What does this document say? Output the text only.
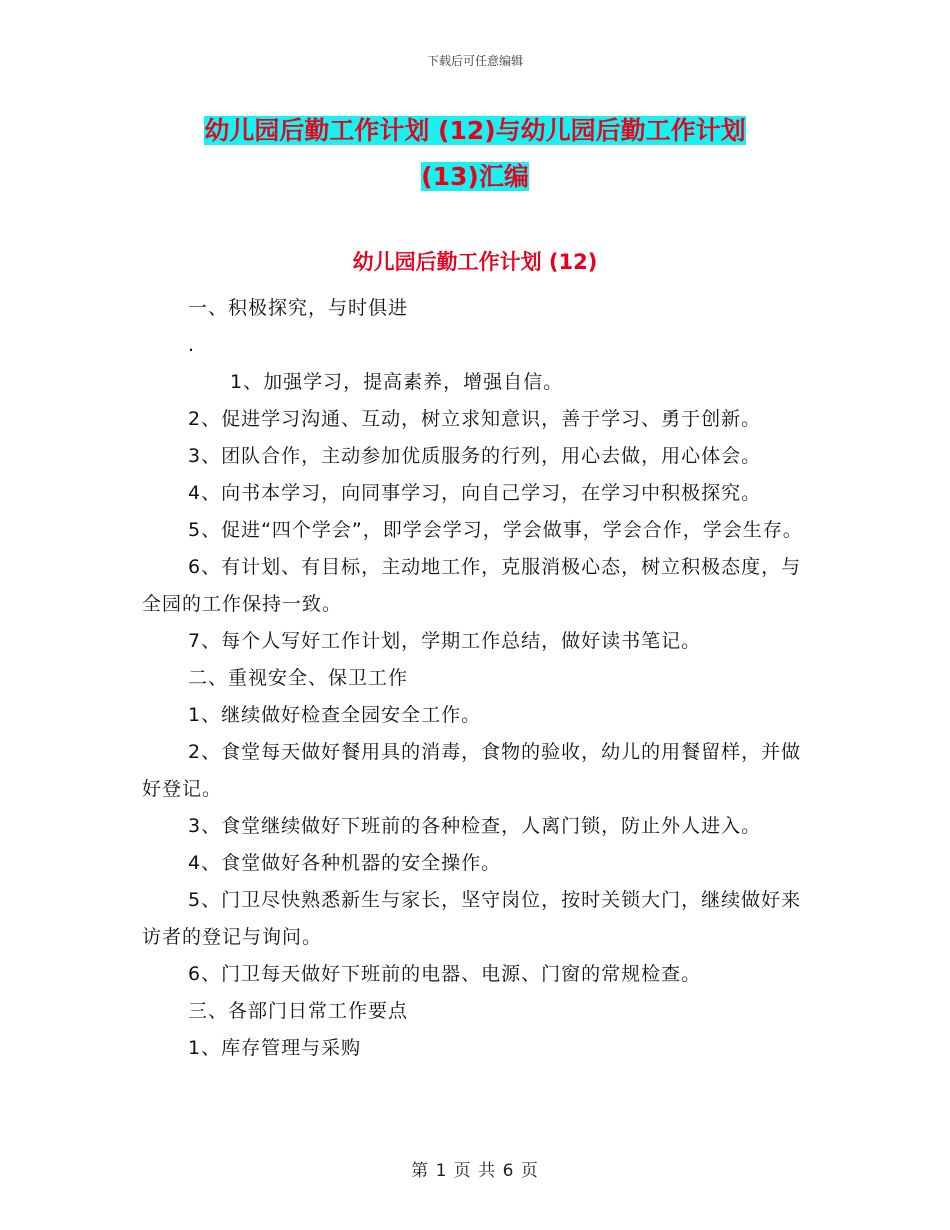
下载后可任意编辑
幼儿园后勤工作计划 (12)与幼儿园后勤工作计划
(13)汇编
幼儿园后勤工作计划 (12)

一、积极探究，与时俱进

.

1、加强学习，提高素养，增强自信。

2、促进学习沟通、互动，树立求知意识，善于学习、勇于创新。

3、团队合作，主动参加优质服务的行列，用心去做，用心体会。

4、向书本学习，向同事学习，向自己学习，在学习中积极探究。

5、促进“四个学会”，即学会学习，学会做事，学会合作，学会生存。

6、有计划、有目标，主动地工作，克服消极心态，树立积极态度，与全园的工作保持一致。

7、每个人写好工作计划，学期工作总结，做好读书笔记。

二、重视安全、保卫工作

1、继续做好检查全园安全工作。

2、食堂每天做好餐用具的消毒，食物的验收，幼儿的用餐留样，并做好登记。

3、食堂继续做好下班前的各种检查，人离门锁，防止外人进入。

4、食堂做好各种机器的安全操作。

5、门卫尽快熟悉新生与家长，坚守岗位，按时关锁大门，继续做好来访者的登记与询问。

6、门卫每天做好下班前的电器、电源、门窗的常规检查。

三、各部门日常工作要点

1、库存管理与采购

第 1 页 共 6 页
